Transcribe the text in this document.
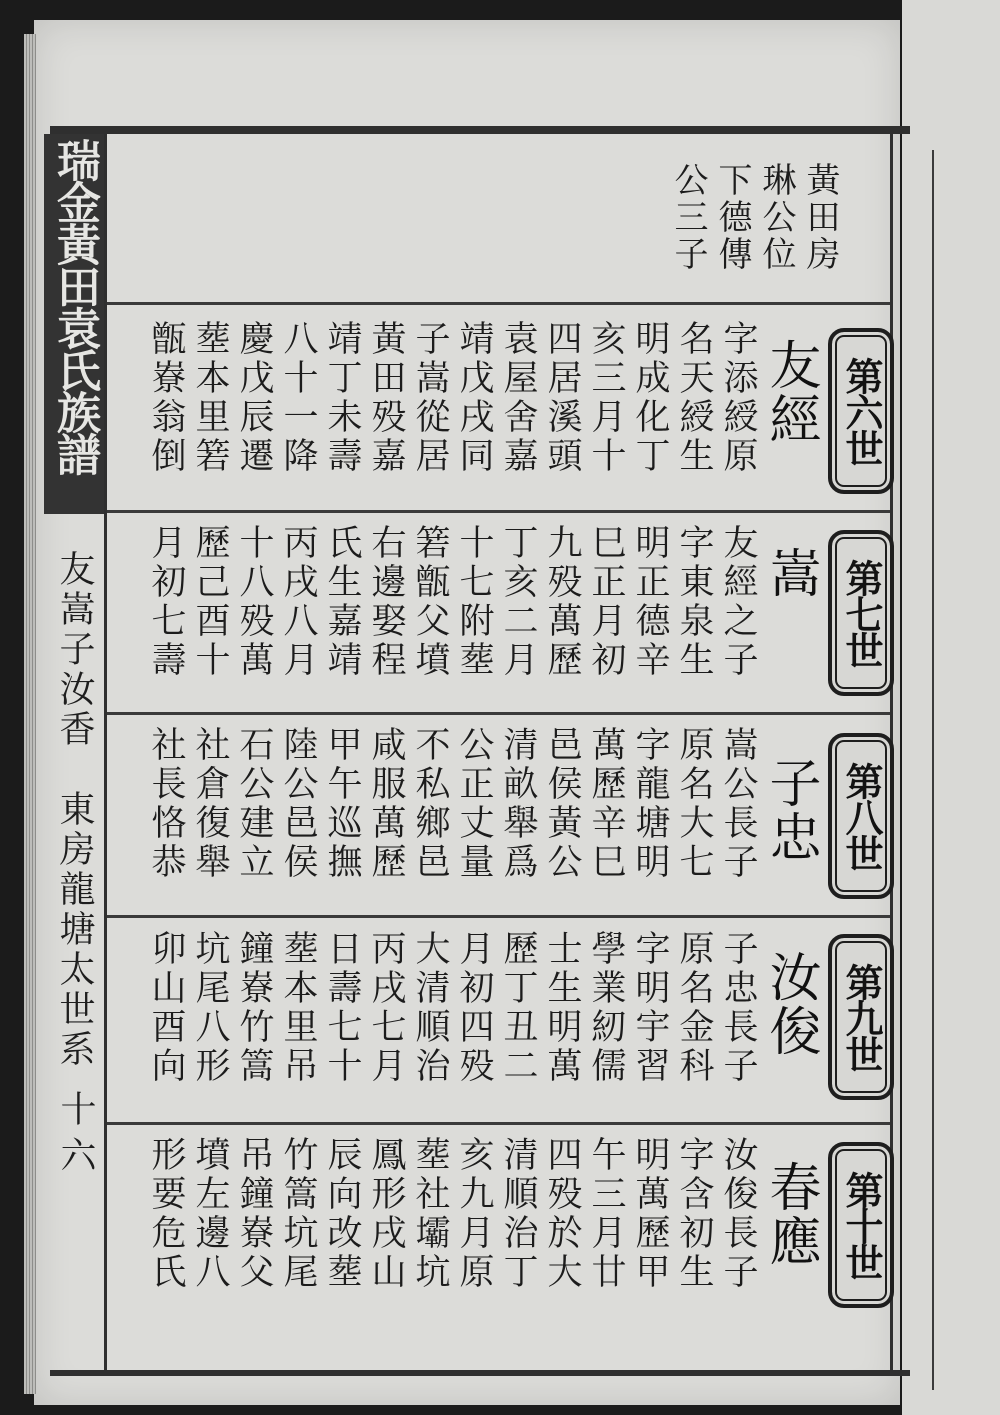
瑞金黃田袁氏族譜
友嵩子汝香
東房龍塘太世系
十六
黃田房
琳公位
下德傳
公三子
第六世
第七世
第八世
第九世
第十世
友經
字添綬原
名天綬生
明成化丁
亥三月十
四居溪頭
袁屋舍嘉
靖戊戌同
子嵩從居
黃田殁嘉
靖丁未壽
八十一降
慶戊辰遷
塟本里箬
甑嶚翁倒
嵩
友經之子
字東泉生
明正德辛
巳正月初
九殁萬歷
丁亥二月
十七附塟
箬甑父墳
右邊娶程
氏生嘉靖
丙戌八月
十八殁萬
歷己酉十
月初七壽
子忠
嵩公長子
原名大七
字龍塘明
萬歷辛巳
邑侯黃公
清畝舉爲
公正丈量
不私鄉邑
咸服萬歷
甲午巡撫
陸公邑侯
石公建立
社倉復舉
社長恪恭
汝俊
子忠長子
原名金科
字明宇習
學業紉儒
士生明萬
歷丁丑二
月初四殁
大清順治
丙戌七月
日壽七十
塟本里吊
鐘嶚竹篙
坑尾八形
卯山酉向
春應
汝俊長子
字含初生
明萬歷甲
午三月廿
四殁於大
清順治丁
亥九月原
塟社壩坑
鳳形戌山
辰向改塟
竹篙坑尾
吊鐘嶚父
墳左邊八
形要危氏
